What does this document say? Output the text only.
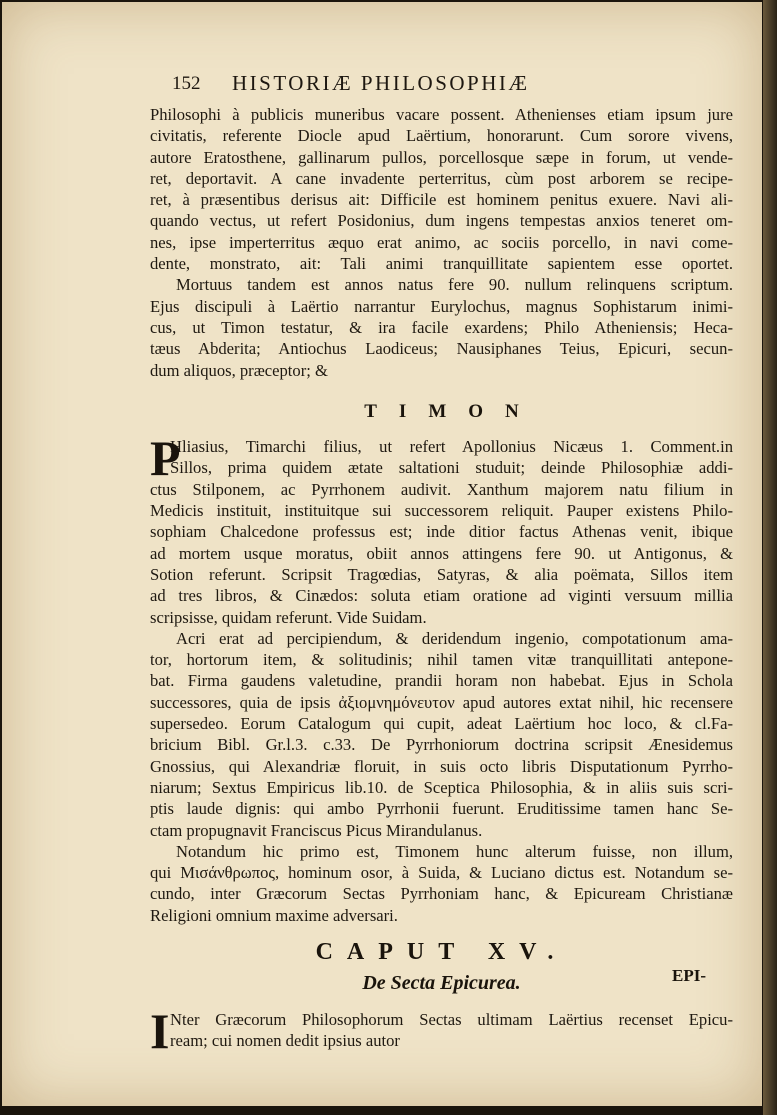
152 HISTORIÆ PHILOSOPHIÆ
Philosophi à publicis muneribus vacare possent. Athenienses etiam ipsum jure
civitatis, referente Diocle apud Laërtium, honorarunt. Cum sorore vivens,
autore Eratosthene, gallinarum pullos, porcellosque sæpe in forum, ut vende-
ret, deportavit. A cane invadente perterritus, cùm post arborem se recipe-
ret, à præsentibus derisus ait: Difficile est hominem penitus exuere. Navi ali-
quando vectus, ut refert Posidonius, dum ingens tempestas anxios teneret om-
nes, ipse imperterritus æquo erat animo, ac sociis porcello, in navi come-
dente, monstrato, ait: Tali animi tranquillitate sapientem esse oportet.
Mortuus tandem est annos natus fere 90. nullum relinquens scriptum.
Ejus discipuli à Laërtio narrantur Eurylochus, magnus Sophistarum inimi-
cus, ut Timon testatur, & ira facile exardens; Philo Atheniensis; Heca-
tæus Abderita; Antiochus Laodiceus; Nausiphanes Teius, Epicuri, secun-
dum aliquos, præceptor; &
TIMON
P
Hliasius, Timarchi filius, ut refert Apollonius Nicæus 1. Comment.in
Sillos, prima quidem ætate saltationi studuit; deinde Philosophiæ addi-
ctus Stilponem, ac Pyrrhonem audivit. Xanthum majorem natu filium in
Medicis instituit, instituitque sui successorem reliquit. Pauper existens Philo-
sophiam Chalcedone professus est; inde ditior factus Athenas venit, ibique
ad mortem usque moratus, obiit annos attingens fere 90. ut Antigonus, &
Sotion referunt. Scripsit Tragœdias, Satyras, & alia poëmata, Sillos item
ad tres libros, & Cinædos: soluta etiam oratione ad viginti versuum millia
scripsisse, quidam referunt. Vide Suidam.
Acri erat ad percipiendum, & deridendum ingenio, compotationum ama-
tor, hortorum item, & solitudinis; nihil tamen vitæ tranquillitati antepone-
bat. Firma gaudens valetudine, prandii horam non habebat. Ejus in Schola
successores, quia de ipsis ἀξιομνημόνευτον apud autores extat nihil, hic recensere
supersedeo. Eorum Catalogum qui cupit, adeat Laërtium hoc loco, & cl.Fa-
bricium Bibl. Gr.l.3. c.33. De Pyrrhoniorum doctrina scripsit Ænesidemus
Gnossius, qui Alexandriæ floruit, in suis octo libris Disputationum Pyrrho-
niarum; Sextus Empiricus lib.10. de Sceptica Philosophia, & in aliis suis scri-
ptis laude dignis: qui ambo Pyrrhonii fuerunt. Eruditissime tamen hanc Se-
ctam propugnavit Franciscus Picus Mirandulanus.
Notandum hic primo est, Timonem hunc alterum fuisse, non illum,
qui Μισάνθρωπος, hominum osor, à Suida, & Luciano dictus est. Notandum se-
cundo, inter Græcorum Sectas Pyrrhoniam hanc, & Epicuream Christianæ
Religioni omnium maxime adversari.
CAPUT XV.
De Secta Epicurea.
I Nter Græcorum Philosophorum Sectas ultimam Laërtius recenset Epicu-
ream; cui nomen dedit ipsius autor
EPI-
